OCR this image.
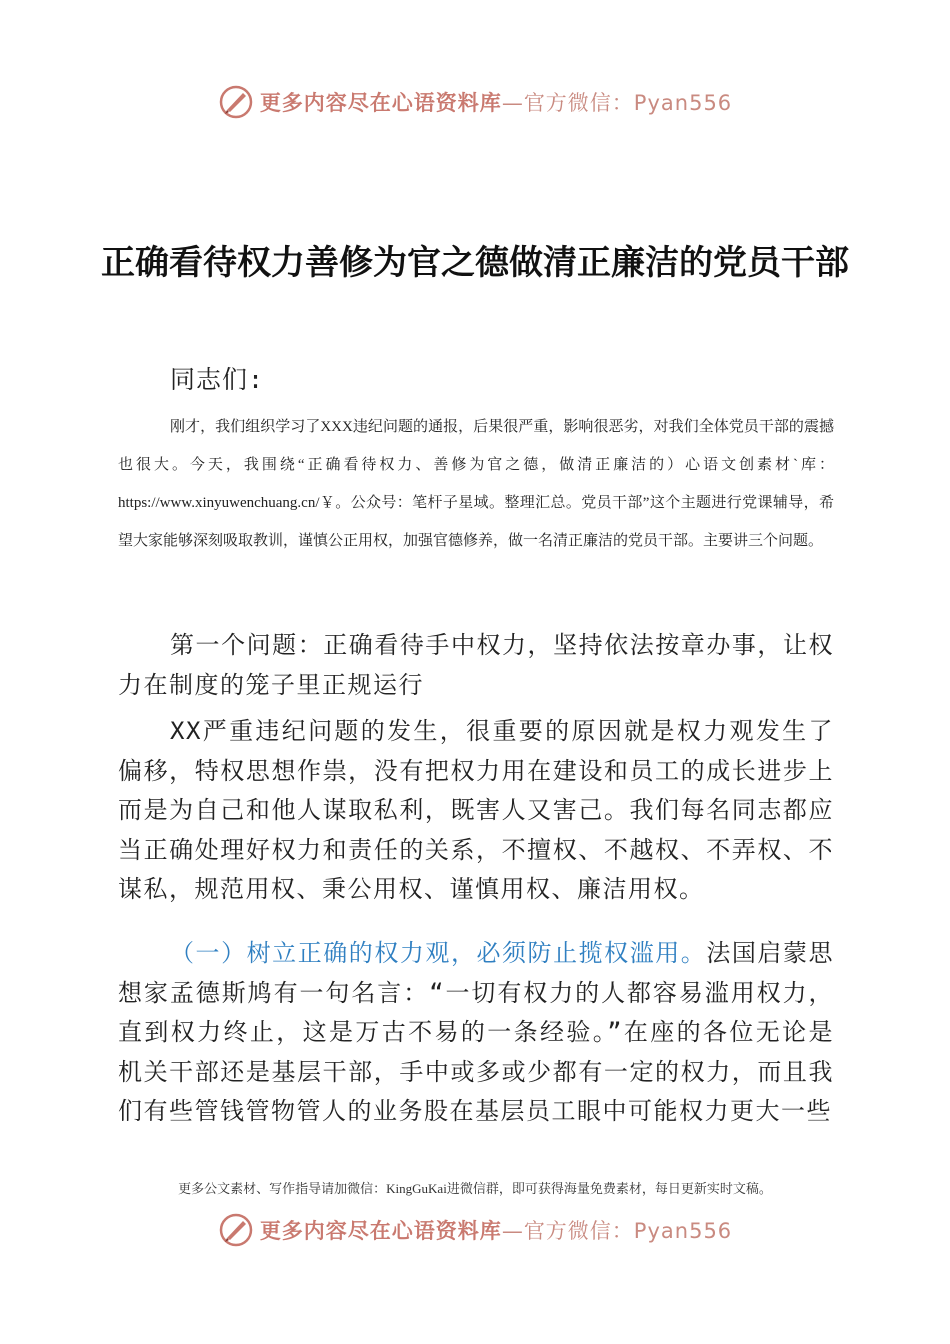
更多内容尽在心语资料库—官方微信：Pyan556
正确看待权力善修为官之德做清正廉洁的党员干部
同志们:
刚才，我们组织学习了XXX违纪问题的通报，后果很严重，影响很恶劣，对我们全体党员干部的震撼也很大。今天，我围绕“正确看待权力、善修为官之德，做清正廉洁的）心语文创素材`库：https://www.xinyuwenchuang.cn/￥。公众号：笔杆子星域。整理汇总。党员干部”这个主题进行党课辅导，希望大家能够深刻吸取教训，谨慎公正用权，加强官德修养，做一名清正廉洁的党员干部。主要讲三个问题。
第一个问题：正确看待手中权力，坚持依法按章办事，让权力在制度的笼子里正规运行
XX严重违纪问题的发生，很重要的原因就是权力观发生了偏移，特权思想作祟，没有把权力用在建设和员工的成长进步上而是为自己和他人谋取私利，既害人又害己。我们每名同志都应当正确处理好权力和责任的关系，不擅权、不越权、不弄权、不谋私，规范用权、秉公用权、谨慎用权、廉洁用权。
（一）树立正确的权力观，必须防止揽权滥用。法国启蒙思想家孟德斯鸠有一句名言：“一切有权力的人都容易滥用权力，直到权力终止，这是万古不易的一条经验。”在座的各位无论是机关干部还是基层干部，手中或多或少都有一定的权力，而且我们有些管钱管物管人的业务股在基层员工眼中可能权力更大一些
更多公文素材、写作指导请加微信：KingGuKai进微信群，即可获得海量免费素材，每日更新实时文稿。
更多内容尽在心语资料库—官方微信：Pyan556
